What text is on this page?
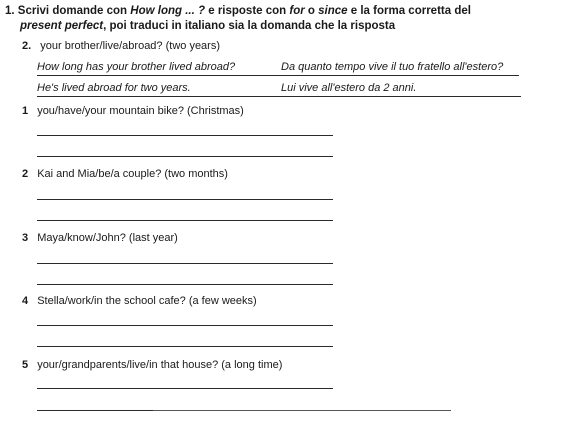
1. Scrivi domande con How long ... ? e risposte con for o since e la forma corretta del
present perfect, poi traduci in italiano sia la domanda che la risposta
2. your brother/live/abroad? (two years)
How long has your brother lived abroad?	Da quanto tempo vive il tuo fratello all'estero?
He's lived abroad for two years.	Lui vive all'estero da 2 anni.
1 you/have/your mountain bike? (Christmas)
2 Kai and Mia/be/a couple? (two months)
3 Maya/know/John? (last year)
4 Stella/work/in the school cafe? (a few weeks)
5 your/grandparents/live/in that house? (a long time)
